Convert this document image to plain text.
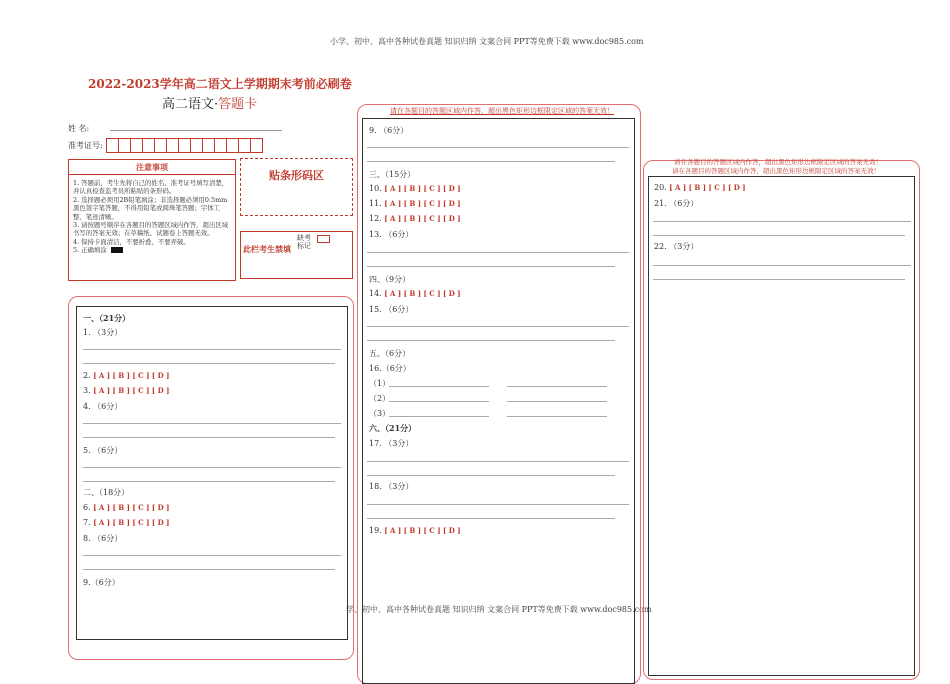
小学、初中、高中各种试卷真题 知识归纳 文案合同 PPT等免费下载 www.doc985.com
学、初中、高中各种试卷真题 知识归纳 文案合同 PPT等免费下载 www.doc985.com
2022-2023学年高二语文上学期期末考前必刷卷
高二语文·答题卡
姓 名:
准考证号:
注意事项
1. 答题前，考生先将自己的姓名、准考证号填写清楚，并认真检查监考员所粘贴的条形码。
2. 选择题必须用2B铅笔填涂；非选择题必须用0.5mm黑色签字笔答题，不得用铅笔或圆珠笔答题；字体工整、笔迹清晰。
3. 请按题号顺序在各题目的答题区域内作答，超出区域书写的答案无效；在草稿纸、试题卷上答题无效。
4. 保持卡面清洁，不要折叠、不要弄破。
5. 正确填涂
贴条形码区
此栏考生禁填
缺考
标记
一、（21分）
1. （3分）
2. [ A ] [ B ] [ C ] [ D ]
3. [ A ] [ B ] [ C ] [ D ]
4. （6分）
5. （6分）
二、（18分）
6. [ A ] [ B ] [ C ] [ D ]
7. [ A ] [ B ] [ C ] [ D ]
8. （6分）
9.（6分）
请在各题目的答题区域内作答，超出黑色矩形边框限定区域的答案无效！
9. （6分）
三、（15分）
10. [ A ] [ B ] [ C ] [ D ]
11. [ A ] [ B ] [ C ] [ D ]
12. [ A ] [ B ] [ C ] [ D ]
13. （6分）
四、（9分）
14. [ A ] [ B ] [ C ] [ D ]
15. （6分）
五、（6分）
16.（6分）
（1）
（2）
（3）
六、（21分）
17. （3分）
18. （3分）
19. [ A ] [ B ] [ C ] [ D ]
请在各题目的答题区域内作答，超出黑色矩形边框限定区域的答案无效！
请在各题目的答题区域内作答，超出黑色矩形边框限定区域的答案无效！
20. [ A ] [ B ] [ C ] [ D ]
21. （6分）
22. （3分）
